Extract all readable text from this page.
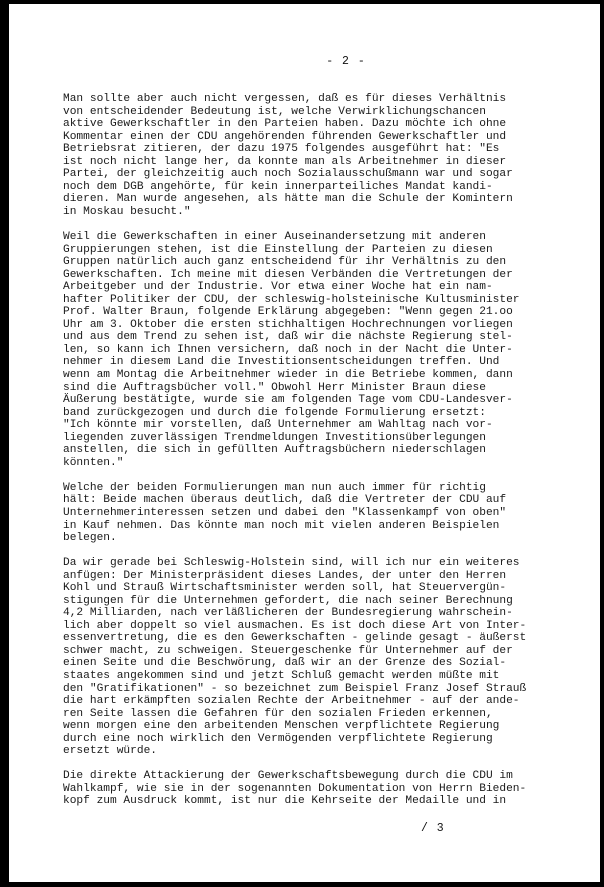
- 2 -

Man sollte aber auch nicht vergessen, daß es für dieses Verhältnis
von entscheidender Bedeutung ist, welche Verwirklichungschancen
aktive Gewerkschaftler in den Parteien haben. Dazu möchte ich ohne
Kommentar einen der CDU angehörenden führenden Gewerkschaftler und
Betriebsrat zitieren, der dazu 1975 folgendes ausgeführt hat: "Es
ist noch nicht lange her, da konnte man als Arbeitnehmer in dieser
Partei, der gleichzeitig auch noch Sozialausschußmann war und sogar
noch dem DGB angehörte, für kein innerparteiliches Mandat kandi-
dieren. Man wurde angesehen, als hätte man die Schule der Komintern
in Moskau besucht."

Weil die Gewerkschaften in einer Auseinandersetzung mit anderen
Gruppierungen stehen, ist die Einstellung der Parteien zu diesen
Gruppen natürlich auch ganz entscheidend für ihr Verhältnis zu den
Gewerkschaften. Ich meine mit diesen Verbänden die Vertretungen der
Arbeitgeber und der Industrie. Vor etwa einer Woche hat ein nam-
hafter Politiker der CDU, der schleswig-holsteinische Kultusminister
Prof. Walter Braun, folgende Erklärung abgegeben: "Wenn gegen 21.oo
Uhr am 3. Oktober die ersten stichhaltigen Hochrechnungen vorliegen
und aus dem Trend zu sehen ist, daß wir die nächste Regierung stel-
len, so kann ich Ihnen versichern, daß noch in der Nacht die Unter-
nehmer in diesem Land die Investitionsentscheidungen treffen. Und
wenn am Montag die Arbeitnehmer wieder in die Betriebe kommen, dann
sind die Auftragsbücher voll." Obwohl Herr Minister Braun diese
Äußerung bestätigte, wurde sie am folgenden Tage vom CDU-Landesver-
band zurückgezogen und durch die folgende Formulierung ersetzt:
"Ich könnte mir vorstellen, daß Unternehmer am Wahltag nach vor-
liegenden zuverlässigen Trendmeldungen Investitionsüberlegungen
anstellen, die sich in gefüllten Auftragsbüchern niederschlagen
könnten."

Welche der beiden Formulierungen man nun auch immer für richtig
hält: Beide machen überaus deutlich, daß die Vertreter der CDU auf
Unternehmerinteressen setzen und dabei den "Klassenkampf von oben"
in Kauf nehmen. Das könnte man noch mit vielen anderen Beispielen
belegen.

Da wir gerade bei Schleswig-Holstein sind, will ich nur ein weiteres
anfügen: Der Ministerpräsident dieses Landes, der unter den Herren
Kohl und Strauß Wirtschaftsminister werden soll, hat Steuervergün-
stigungen für die Unternehmen gefordert, die nach seiner Berechnung
4,2 Milliarden, nach verläßlicheren der Bundesregierung wahrschein-
lich aber doppelt so viel ausmachen. Es ist doch diese Art von Inter-
essenvertretung, die es den Gewerkschaften - gelinde gesagt - äußerst
schwer macht, zu schweigen. Steuergeschenke für Unternehmer auf der
einen Seite und die Beschwörung, daß wir an der Grenze des Sozial-
staates angekommen sind und jetzt Schluß gemacht werden müßte mit
den "Gratifikationen" - so bezeichnet zum Beispiel Franz Josef Strauß
die hart erkämpften sozialen Rechte der Arbeitnehmer - auf der ande-
ren Seite lassen die Gefahren für den sozialen Frieden erkennen,
wenn morgen eine den arbeitenden Menschen verpflichtete Regierung
durch eine noch wirklich den Vermögenden verpflichtete Regierung
ersetzt würde.

Die direkte Attackierung der Gewerkschaftsbewegung durch die CDU im
Wahlkampf, wie sie in der sogenannten Dokumentation von Herrn Bieden-
kopf zum Ausdruck kommt, ist nur die Kehrseite der Medaille und in

/ 3
